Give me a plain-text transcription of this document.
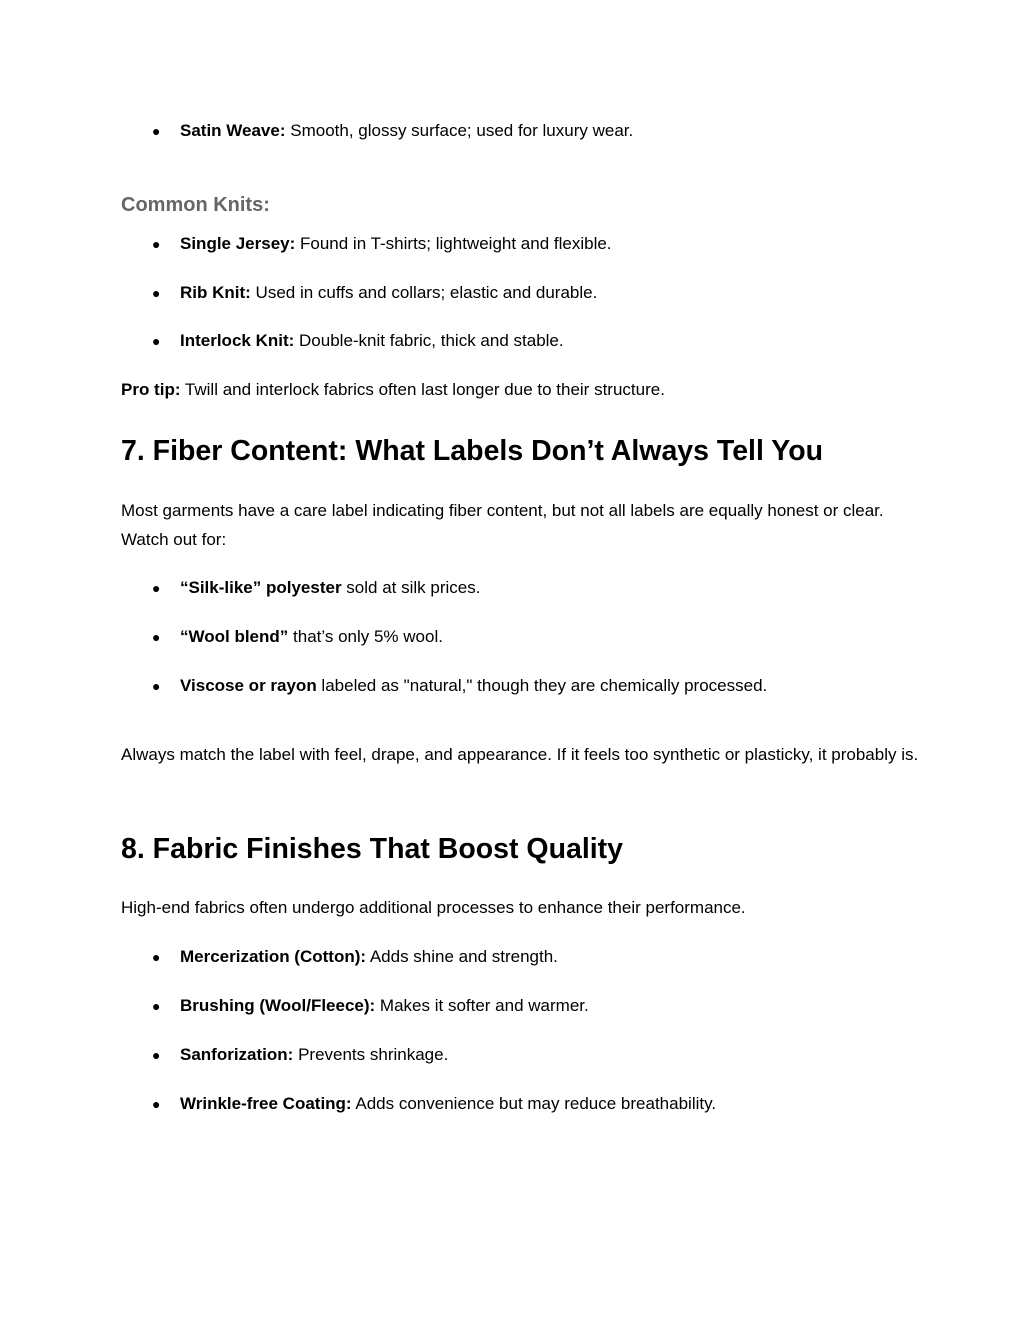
● Satin Weave: Smooth, glossy surface; used for luxury wear.
Common Knits:
● Single Jersey: Found in T-shirts; lightweight and flexible.
● Rib Knit: Used in cuffs and collars; elastic and durable.
● Interlock Knit: Double-knit fabric, thick and stable.
Pro tip: Twill and interlock fabrics often last longer due to their structure.
7. Fiber Content: What Labels Don’t Always Tell You
Most garments have a care label indicating fiber content, but not all labels are equally honest or clear. Watch out for:
● “Silk-like” polyester sold at silk prices.
● “Wool blend” that’s only 5% wool.
● Viscose or rayon labeled as "natural," though they are chemically processed.
Always match the label with feel, drape, and appearance. If it feels too synthetic or plasticky, it probably is.
8. Fabric Finishes That Boost Quality
High-end fabrics often undergo additional processes to enhance their performance.
● Mercerization (Cotton): Adds shine and strength.
● Brushing (Wool/Fleece): Makes it softer and warmer.
● Sanforization: Prevents shrinkage.
● Wrinkle-free Coating: Adds convenience but may reduce breathability.
